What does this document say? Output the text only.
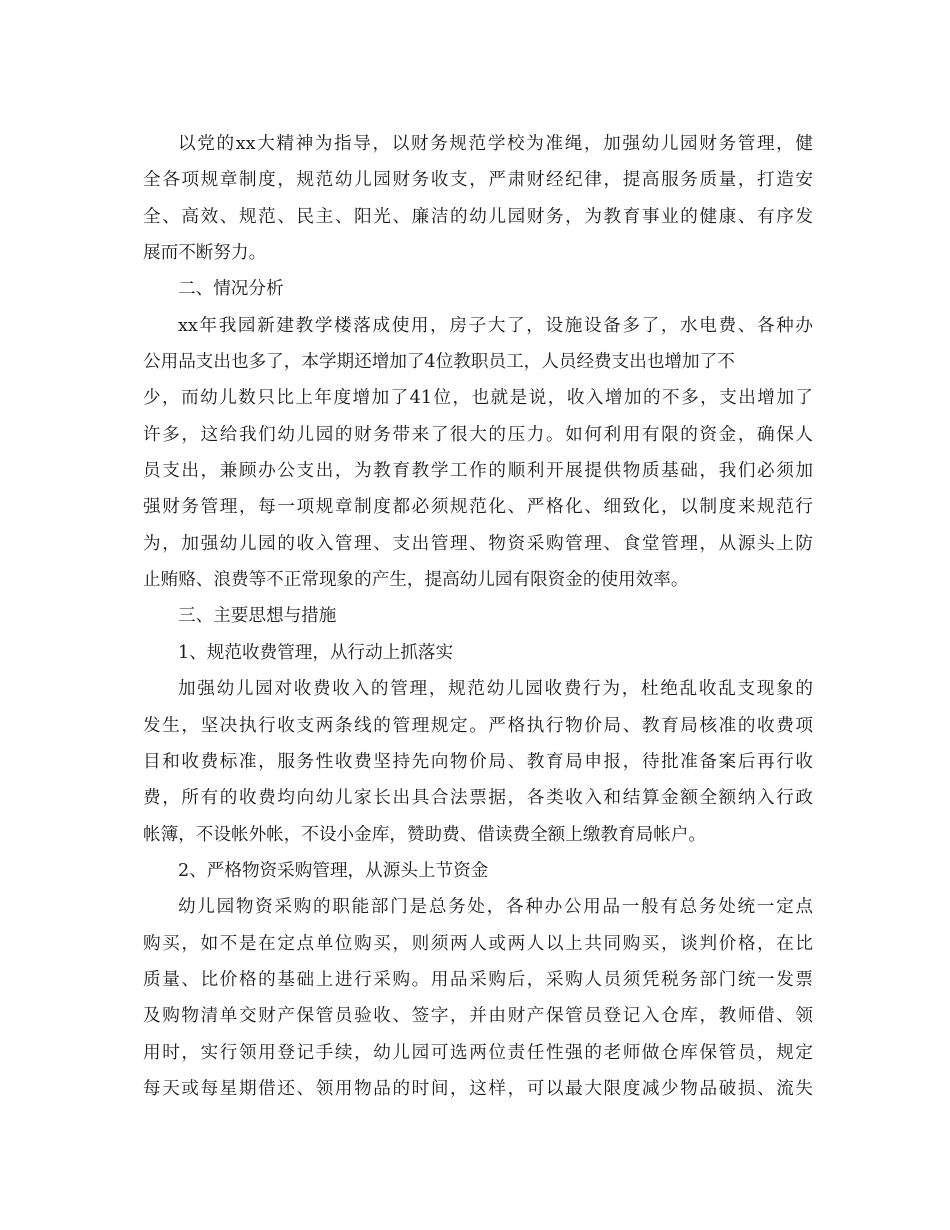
以党的xx大精神为指导，以财务规范学校为准绳，加强幼儿园财务管理，健
全各项规章制度，规范幼儿园财务收支，严肃财经纪律，提高服务质量，打造安
全、高效、规范、民主、阳光、廉洁的幼儿园财务，为教育事业的健康、有序发
展而不断努力。
二、情况分析
xx年我园新建教学楼落成使用，房子大了，设施设备多了，水电费、各种办
公用品支出也多了，本学期还增加了4位教职员工，人员经费支出也增加了不
少，而幼儿数只比上年度增加了41位，也就是说，收入增加的不多，支出增加了
许多，这给我们幼儿园的财务带来了很大的压力。如何利用有限的资金，确保人
员支出，兼顾办公支出，为教育教学工作的顺利开展提供物质基础，我们必须加
强财务管理，每一项规章制度都必须规范化、严格化、细致化，以制度来规范行
为，加强幼儿园的收入管理、支出管理、物资采购管理、食堂管理，从源头上防
止贿赂、浪费等不正常现象的产生，提高幼儿园有限资金的使用效率。
三、主要思想与措施
1、规范收费管理，从行动上抓落实
加强幼儿园对收费收入的管理，规范幼儿园收费行为，杜绝乱收乱支现象的
发生，坚决执行收支两条线的管理规定。严格执行物价局、教育局核准的收费项
目和收费标准，服务性收费坚持先向物价局、教育局申报，待批准备案后再行收
费，所有的收费均向幼儿家长出具合法票据，各类收入和结算金额全额纳入行政
帐簿，不设帐外帐，不设小金库，赞助费、借读费全额上缴教育局帐户。
2、严格物资采购管理，从源头上节资金
幼儿园物资采购的职能部门是总务处，各种办公用品一般有总务处统一定点
购买，如不是在定点单位购买，则须两人或两人以上共同购买，谈判价格，在比
质量、比价格的基础上进行采购。用品采购后，采购人员须凭税务部门统一发票
及购物清单交财产保管员验收、签字，并由财产保管员登记入仓库，教师借、领
用时，实行领用登记手续，幼儿园可选两位责任性强的老师做仓库保管员，规定
每天或每星期借还、领用物品的时间，这样，可以最大限度减少物品破损、流失
